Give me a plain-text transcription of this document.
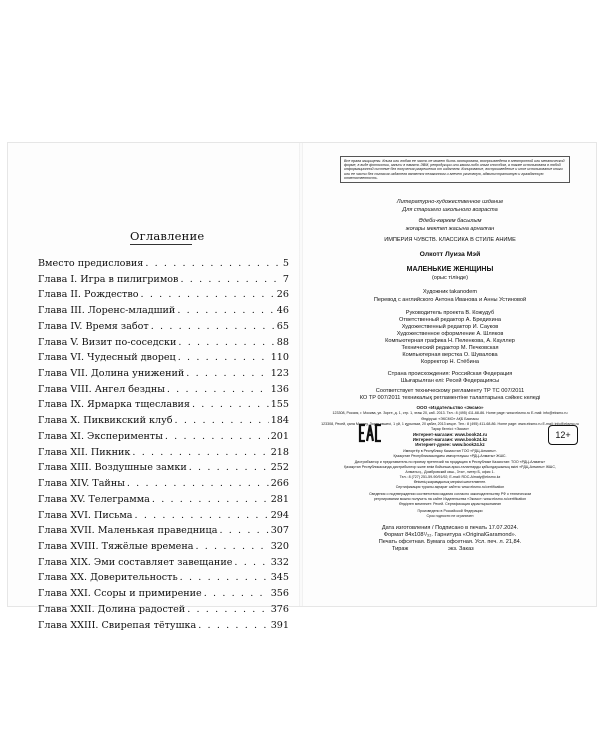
Оглавление
Вместо предисловия . . .	5
Глава I. Игра в пилигримов . . .	7
Глава II. Рождество . . .	26
Глава III. Лоренс-младший . . .	46
Глава IV. Время забот . . .	65
Глава V. Визит по-соседски . . .	88
Глава VI. Чудесный дворец . . .	110
Глава VII. Долина унижений . . .	123
Глава VIII. Ангел бездны . . .	136
Глава IX. Ярмарка тщеславия . . .	155
Глава X. Пиквикский клуб . . .	184
Глава XI. Эксперименты . . .	201
Глава XII. Пикник . . .	218
Глава XIII. Воздушные замки . . .	252
Глава XIV. Тайны . . .	266
Глава XV. Телеграмма . . .	281
Глава XVI. Письма . . .	294
Глава XVII. Маленькая праведница . . .	307
Глава XVIII. Тяжёлые времена . . .	320
Глава XIX. Эми составляет завещание . . .	332
Глава XX. Доверительность . . .	345
Глава XXI. Ссоры и примирение . . .	356
Глава XXII. Долина радостей . . .	376
Глава XXIII. Свирепая тётушка . . .	391
Все права защищены. Книга или любая ее часть не может быть скопирована, воспроизведена в электронной или механической форме, в виде фотокопии, записи в память ЭВМ, репродукции или каким-либо иным способом, а также использована в любой информационной системе без получения разрешения от издателя. Копирование, воспроизведение и иное использование книги или ее части без согласия издателя является незаконным и влечет уголовную, административную и гражданскую ответственность.
Литературно-художественное издание
Для старшего школьного возраста
Әдеби-көркем басылым
жоғары мектеп жасына арналған
ИМПЕРИЯ ЧУВСТВ. КЛАССИКА В СТИЛЕ АНИМЕ
Олкотт Луиза Мэй
МАЛЕНЬКИЕ ЖЕНЩИНЫ
(орыс тілінде)
Художник takanodem
Перевод с английского Антона Иванова и Анны Устиновой
Руководитель проекта В. Кожудуб
Ответственный редактор А. Бредихина
Художественный редактор И. Сауков
Художественное оформление А. Шляков
Компьютерная графика Н. Пеленкова, А. Кауллер
Технический редактор М. Печковская
Компьютерная верстка О. Шувалова
Корректор Н. Стёбина
Страна происхождения: Российская Федерация
Шығарылған елі: Ресей Федерациясы
Соответствует техническому регламенту ТР ТС 007/2011
КО ТР 007/2011 техникалық регламентіне талаптарына сәйкес келеді
ООО «Издательство «Эксмо»
123308, Россия, г. Москва, ул. Зорге, д. 1, стр. 1, этаж 20, каб. 2013. Тел.: 8 (495) 411-68-86. Home page: www.eksmo.ru E-mail: info@eksmo.ru
Өндіруші: «ЭКСМО» АҚБ Баспасы
123308, Ресей, қала Мәскеу, Зорге көшесі, 1 үй, 1 құрылым, 20 қабат, 2013 кеңсе. Тел.: 8 (495) 411-68-86. Home page: www.eksmo.ru E-mail: info@eksmo.ru
Тауар белгісі: «Эксмо»
Интернет-магазин: www.book24.ru
Интернет-магазин: www.book24.kz
Интернет-дүкен: www.book24.kz
12+
Импортёр в Республику Казахстан ТОО «РДЦ-Алматы».
Қазақстан Республикасындағы импорттаушы «РДЦ-Алматы» ЖШС.
Дистрибьютор и представитель по приему претензий на продукцию в Республике Казахстан: ТОО «РДЦ-Алматы»
Қазақстан Республикасында дистрибьютор және өнім бойынша арыз-талаптарды қабылдаушының өкілі «РДЦ-Алматы» ЖШС,
Алматы қ., Домбровский көш., 3«а», литер Б, офис 1.
Тел.: 8 (727) 251-59-90/91/92; E-mail: RDC-Almaty@eksmo.kz
Өнімнің жарамдылық мерзімі шектелмеген.
Сертификация туралы ақпарат сайтта: www.eksmo.ru/certification
Сведения о подтверждении соответствия издания согласно законодательству РФ о техническом
регулировании можно получить на сайте Издательства «Эксмо»: www.eksmo.ru/certification
Өндірген мемлекет: Ресей. Сертификация қарастырылмаған
Произведено в Российской Федерации
Срок годности не ограничен
Дата изготовления / Подписано в печать 17.07.2024.
Формат 84x108¹/₃₂. Гарнитура «OriginalGaramond».
Печать офсетная. Бумага офсетная. Усл. печ. л. 21,84.
Тираж	экз. Заказ
